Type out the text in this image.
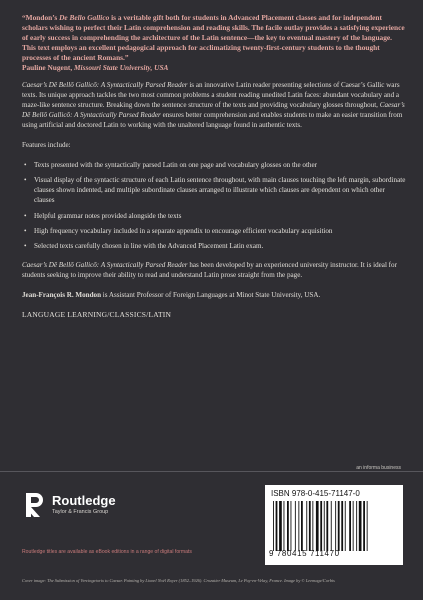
“Mondon’s De Bello Gallico is a veritable gift both for students in Advanced Placement classes and for independent scholars wishing to perfect their Latin comprehension and reading skills. The facile outlay provides a satisfying experience of early success in comprehending the architecture of the Latin sentence—the key to eventual mastery of the language. This text employs an excellent pedagogical approach for acclimatizing twenty-first-century students to the thought processes of the ancient Romans.”
Pauline Nugent, Missouri State University, USA

Caesar’s Dē Bellō Gallicō: A Syntactically Parsed Reader is an innovative Latin reader presenting selections of Caesar’s Gallic wars texts. Its unique approach tackles the two most common problems a student reading unedited Latin faces: abundant vocabulary and a maze-like sentence structure. Breaking down the sentence structure of the texts and providing vocabulary glosses throughout, Caesar’s Dē Bellō Gallicō: A Syntactically Parsed Reader ensures better comprehension and enables students to make an easier transition from using artificial and doctored Latin to working with the unaltered language found in authentic texts.

Features include:

• Texts presented with the syntactically parsed Latin on one page and vocabulary glosses on the other
• Visual display of the syntactic structure of each Latin sentence throughout, with main clauses touching the left margin, subordinate clauses shown indented, and multiple subordinate clauses arranged to illustrate which clauses are dependent on which other clauses
• Helpful grammar notes provided alongside the texts
• High frequency vocabulary included in a separate appendix to encourage efficient vocabulary acquisition
• Selected texts carefully chosen in line with the Advanced Placement Latin exam.

Caesar’s Dē Bellō Gallicō: A Syntactically Parsed Reader has been developed by an experienced university instructor. It is ideal for students seeking to improve their ability to read and understand Latin prose straight from the page.

Jean-François R. Mondon is Assistant Professor of Foreign Languages at Minot State University, USA.

LANGUAGE LEARNING/CLASSICS/LATIN

an informa business
Routledge
Taylor & Francis Group
Routledge titles are available as eBook editions in a range of digital formats
ISBN 978-0-415-71147-0
9 780415 711470
Cover image: The Submission of Vercingetorix to Caesar. Painting by Lionel Noël Royer (1852–1926). Crozatier Museum, Le Puy-en-Velay, France. Image by © Leemage/Corbis
